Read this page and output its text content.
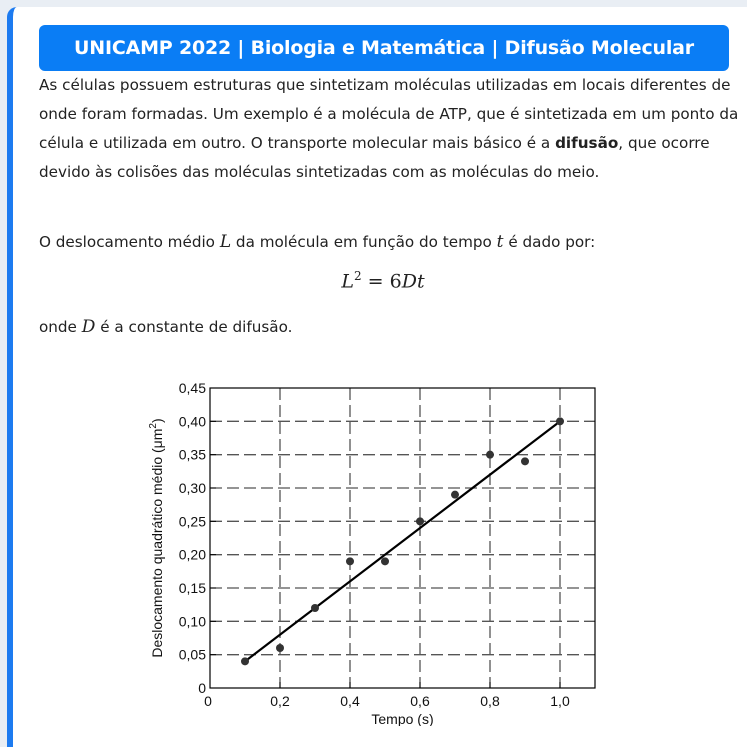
UNICAMP 2022 | Biologia e Matemática | Difusão Molecular
As células possuem estruturas que sintetizam moléculas utilizadas em locais diferentes de onde foram formadas. Um exemplo é a molécula de ATP, que é sintetizada em um ponto da célula e utilizada em outro. O transporte molecular mais básico é a difusão, que ocorre devido às colisões das moléculas sintetizadas com as moléculas do meio.
O deslocamento médio L da molécula em função do tempo t é dado por:
$L^2 = 6Dt$
onde D é a constante de difusão.
0
0,05
0,10
0,15
0,20
0,25
0,30
0,35
0,40
0,45
0	0,2	0,4	0,6	0,8	1,0
Tempo (s)
Deslocamento quadrático médio $(\mu m^2)$
